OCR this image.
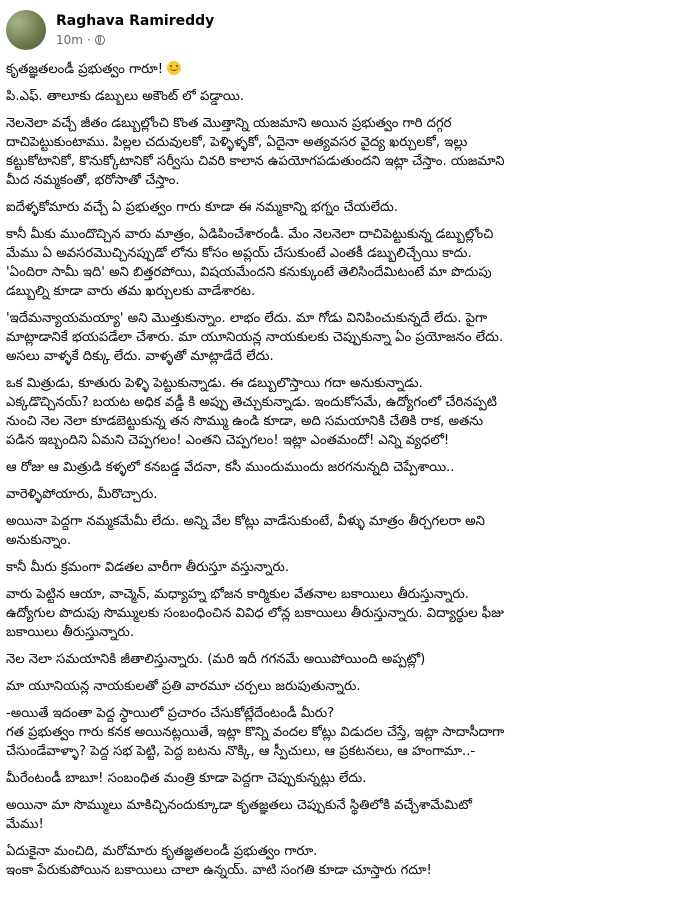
Raghava Ramireddy
10m ·
కృతజ్ఞతలండీ ప్రభుత్వం గారూ!
పి.ఎఫ్. తాలూకు డబ్బులు అకౌంట్ లో పడ్డాయి.
నెలనెలా వచ్చే జీతం డబ్బుల్లోంచి కొంత మొత్తాన్ని యజమాని అయిన ప్రభుత్వం గారి దగ్గర
దాచిపెట్టుకుంటాము. పిల్లల చదువులకో, పెళ్ళిళ్ళకో, ఏదైనా అత్యవసర వైద్య ఖర్చులకో, ఇల్లు
కట్టుకోటానికో, కొనుక్కోటానికో సర్వీసు చివరి కాలాన ఉపయోగపడుతుందని ఇట్లా చేస్తాం. యజమాని
మీద నమ్మకంతో, భరోసాతో చేస్తాం.
ఐదేళ్ళకోమారు వచ్చే ఏ ప్రభుత్వం గారు కూడా ఈ నమ్మకాన్ని భగ్నం చేయలేదు.
కానీ మీకు ముందొచ్చిన వారు మాత్రం, ఏడిపించేశారండీ. మేం నెలనెలా దాచిపెట్టుకున్న డబ్బుల్లోంచి
మేము ఏ అవసరమొచ్చినప్పుడో లోను కోసం అప్లయ్ చేసుకుంటే ఎంతకీ డబ్బులిచ్చేయి కాదు.
'ఏందిరా సామీ ఇది' అని బిత్తరపోయి, విషయమేందని కనుక్కుంటే తెలిసిందేమిటంటే మా పొదుపు
డబ్బుల్ని కూడా వారు తమ ఖర్చులకు వాడేశారట.
'ఇదేమన్యాయమయ్యా' అని మొత్తుకున్నాం. లాభం లేదు. మా గోడు వినిపించుకున్నదే లేదు. పైగా
మాట్లాడానికే భయపడేలా చేశారు. మా యూనియన్ల నాయకులకు చెప్పుకున్నా ఏం ప్రయోజనం లేదు.
అసలు వాళ్ళకే దిక్కు లేదు. వాళ్ళతో మాట్లాడేదే లేదు.
ఒక మిత్రుడు, కూతురు పెళ్ళి పెట్టుకున్నాడు. ఈ డబ్బులొస్తాయి గదా అనుకున్నాడు.
ఎక్కడొచ్చినయ్? బయట అధిక వడ్డీ కి అప్పు తెచ్చుకున్నాడు. ఇందుకోసమే, ఉద్యోగంలో చేరినప్పటి
నుంచి నెల నెలా కూడబెట్టుకున్న తన సొమ్ము ఉండి కూడా, అది సమయానికి చేతికి రాక, అతను
పడిన ఇబ్బందిని ఏమని చెప్పగలం! ఎంతని చెప్పగలం! ఇట్లా ఎంతమందో! ఎన్ని వ్యధలో!
ఆ రోజు ఆ మిత్రుడి కళ్ళలో కనబడ్డ వేదనా, కసీ ముందుముందు జరగనున్నది చెప్పేశాయి..
వారెళ్ళిపోయారు, మీరొచ్చారు.
అయినా పెద్దగా నమ్మకమేమీ లేదు. అన్ని వేల కోట్లు వాడేసుకుంటే, వీళ్ళు మాత్రం తీర్చగలరా అని
అనుకున్నాం.
కానీ మీరు క్రమంగా విడతల వారీగా తీరుస్తూ వస్తున్నారు.
వారు పెట్టిన ఆయా, వాచ్మెన్, మధ్యాహ్న భోజన కార్మికుల వేతనాల బకాయిలు తీరుస్తున్నారు.
ఉద్యోగుల పొదుపు సొమ్ములకు సంబంధించిన వివిధ లోన్ల బకాయిలు తీరుస్తున్నారు. విద్యార్థుల ఫీజు
బకాయిలు తీరుస్తున్నారు.
నెల నెలా సమయానికి జీతాలిస్తున్నారు. (మరి ఇదీ గగనమే అయిపోయింది అప్పట్లో)
మా యూనియన్ల నాయకులతో ప్రతి వారమూ చర్చలు జరుపుతున్నారు.
-అయితే ఇదంతా పెద్ద స్థాయిలో ప్రచారం చేసుకోట్లేదేంటండీ మీరు?
గత ప్రభుత్వం గారు కనక అయినట్లయితే, ఇట్లా కొన్ని వందల కోట్లు విడుదల చేస్తే, ఇట్లా సాదాసీదాగా
చేసుండేవాళ్ళా? పెద్ద సభ పెట్టి, పెద్ద బటను నొక్కి, ఆ స్పీచులు, ఆ ప్రకటనలు, ఆ హంగామా..-
మీరేంటండీ బాబూ! సంబంధిత మంత్రి కూడా పెద్దగా చెప్పుకున్నట్లు లేదు.
అయినా మా సొమ్ములు మాకిచ్చినందుక్కూడా కృతజ్ఞతలు చెప్పుకునే స్థితిలోకి వచ్చేశామేమిటో
మేము!
ఏదుకైనా మంచిది, మరోమారు కృతజ్ఞతలండీ ప్రభుత్వం గారూ.
ఇంకా పేరుకుపోయిన బకాయిలు చాలా ఉన్నయ్. వాటి సంగతి కూడా చూస్తారు గదూ!
